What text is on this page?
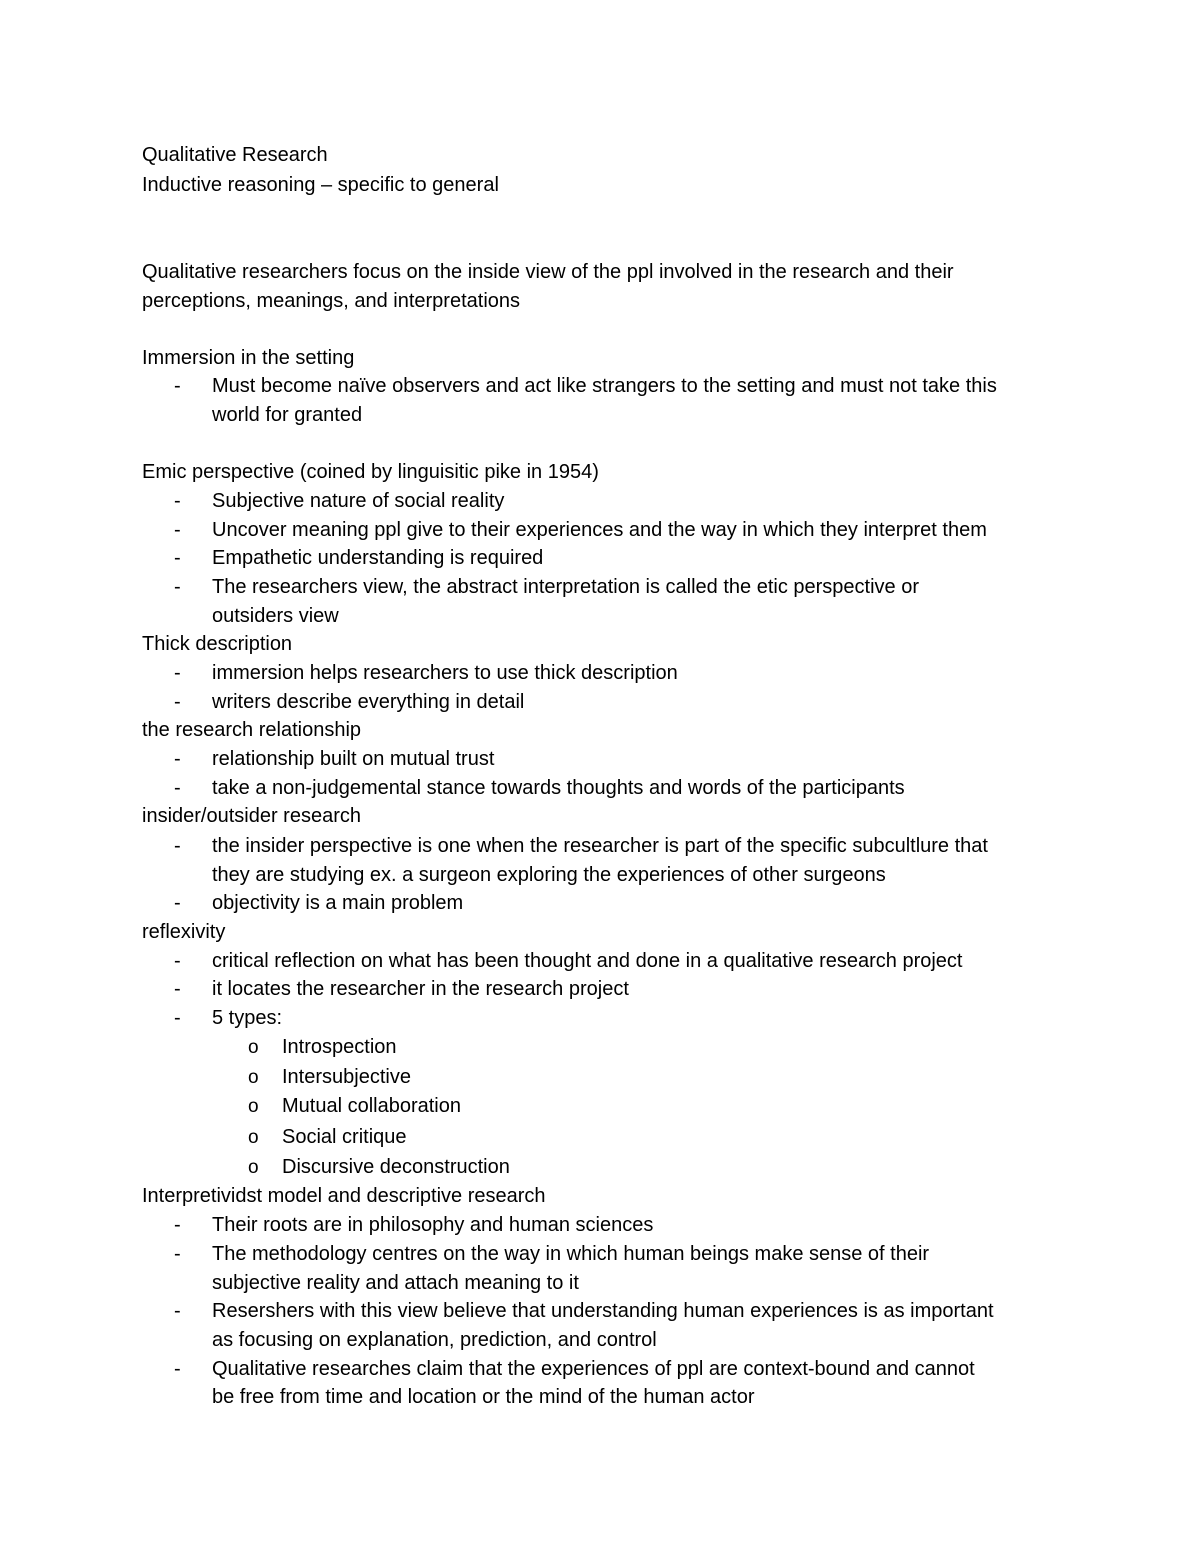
Qualitative Research
Inductive reasoning – specific to general
Qualitative researchers focus on the inside view of the ppl involved in the research and their
perceptions, meanings, and interpretations
Immersion in the setting
- Must become naïve observers and act like strangers to the setting and must not take this
world for granted
Emic perspective (coined by linguisitic pike in 1954)
- Subjective nature of social reality
- Uncover meaning ppl give to their experiences and the way in which they interpret them
- Empathetic understanding is required
- The researchers view, the abstract interpretation is called the etic perspective or
outsiders view
Thick description
- immersion helps researchers to use thick description
- writers describe everything in detail
the research relationship
- relationship built on mutual trust
- take a non-judgemental stance towards thoughts and words of the participants
insider/outsider research
- the insider perspective is one when the researcher is part of the specific subcultlure that
they are studying ex. a surgeon exploring the experiences of other surgeons
- objectivity is a main problem
reflexivity
- critical reflection on what has been thought and done in a qualitative research project
- it locates the researcher in the research project
- 5 types:
o Introspection
o Intersubjective
o Mutual collaboration
o Social critique
o Discursive deconstruction
Interpretividst model and descriptive research
- Their roots are in philosophy and human sciences
- The methodology centres on the way in which human beings make sense of their
subjective reality and attach meaning to it
- Resershers with this view believe that understanding human experiences is as important
as focusing on explanation, prediction, and control
- Qualitative researches claim that the experiences of ppl are context-bound and cannot
be free from time and location or the mind of the human actor
